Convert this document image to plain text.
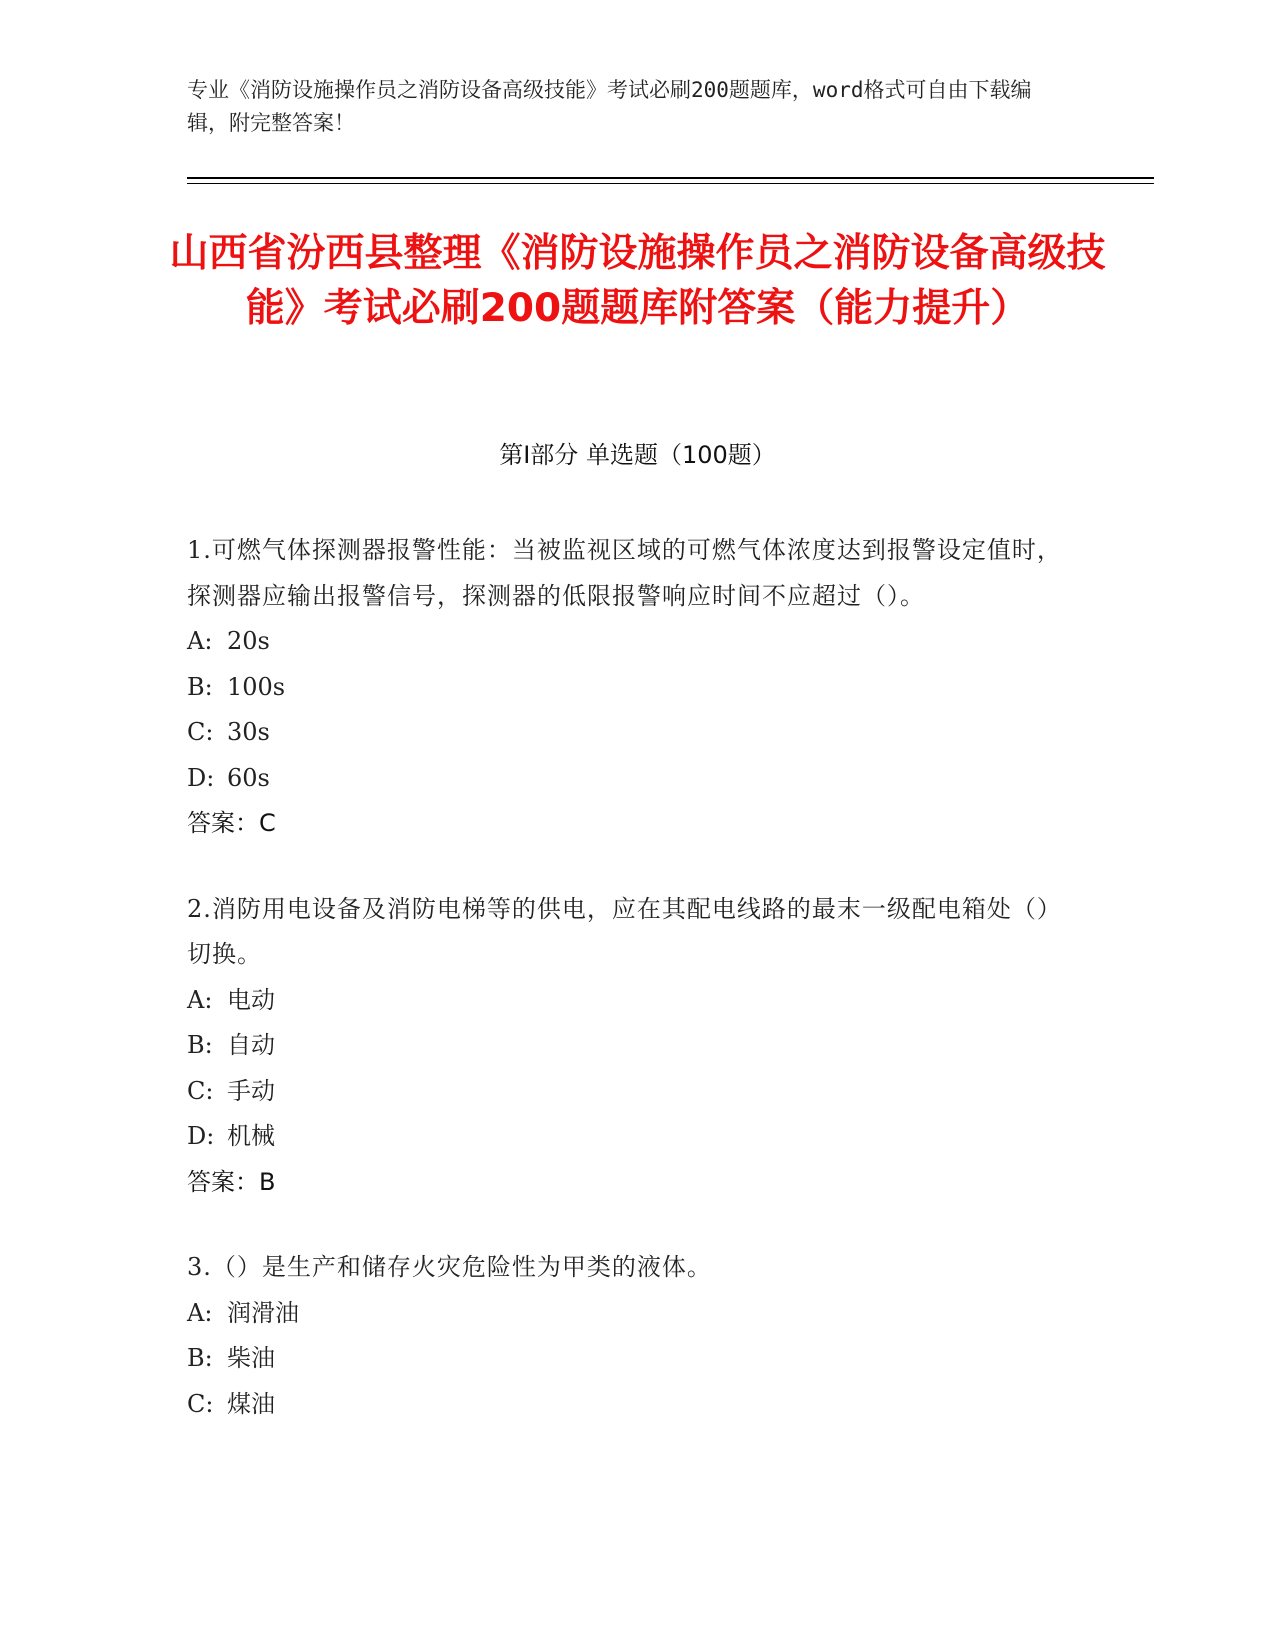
专业《消防设施操作员之消防设备高级技能》考试必刷200题题库，word格式可自由下载编辑，附完整答案！
山西省汾西县整理《消防设施操作员之消防设备高级技能》考试必刷200题题库附答案（能力提升）
第Ⅰ部分 单选题（100题）
1.可燃气体探测器报警性能：当被监视区域的可燃气体浓度达到报警设定值时，探测器应输出报警信号，探测器的低限报警响应时间不应超过（）。
A: 20s
B: 100s
C: 30s
D: 60s
答案：C
2.消防用电设备及消防电梯等的供电，应在其配电线路的最末一级配电箱处（）切换。
A: 电动
B: 自动
C: 手动
D: 机械
答案：B
3.（）是生产和储存火灾危险性为甲类的液体。
A: 润滑油
B: 柴油
C: 煤油
